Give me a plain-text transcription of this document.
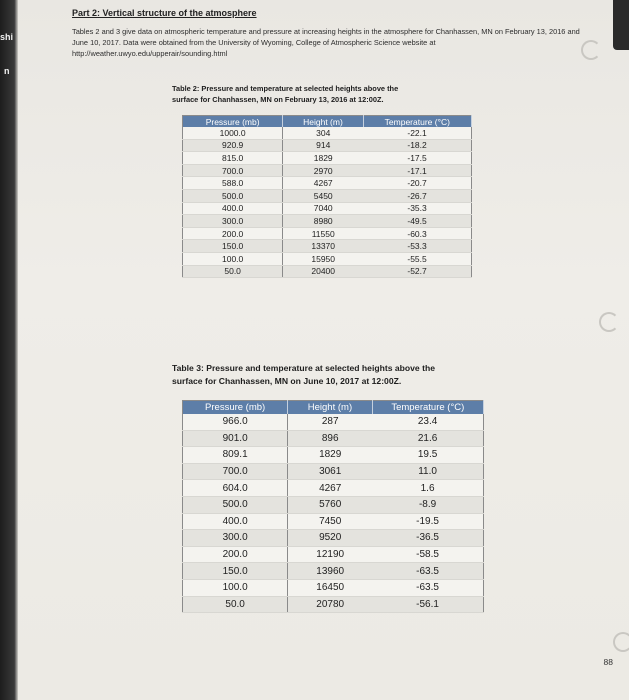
shi
n
Part 2: Vertical structure of the atmosphere
Tables 2 and 3 give data on atmospheric temperature and pressure at increasing heights in the atmosphere for Chanhassen, MN on February 13, 2016 and June 10, 2017. Data were obtained from the University of Wyoming, College of Atmospheric Science website at http://weather.uwyo.edu/upperair/sounding.html
Table 2: Pressure and temperature at selected heights above the
surface for Chanhassen, MN on February 13, 2016 at 12:00Z.
Pressure (mb)	Height (m)	Temperature (°C)
1000.0	304	-22.1
920.9	914	-18.2
815.0	1829	-17.5
700.0	2970	-17.1
588.0	4267	-20.7
500.0	5450	-26.7
400.0	7040	-35.3
300.0	8980	-49.5
200.0	11550	-60.3
150.0	13370	-53.3
100.0	15950	-55.5
50.0	20400	-52.7
Table 3: Pressure and temperature at selected heights above the
surface for Chanhassen, MN on June 10, 2017 at 12:00Z.
Pressure (mb)	Height (m)	Temperature (°C)
966.0	287	23.4
901.0	896	21.6
809.1	1829	19.5
700.0	3061	11.0
604.0	4267	1.6
500.0	5760	-8.9
400.0	7450	-19.5
300.0	9520	-36.5
200.0	12190	-58.5
150.0	13960	-63.5
100.0	16450	-63.5
50.0	20780	-56.1
88
